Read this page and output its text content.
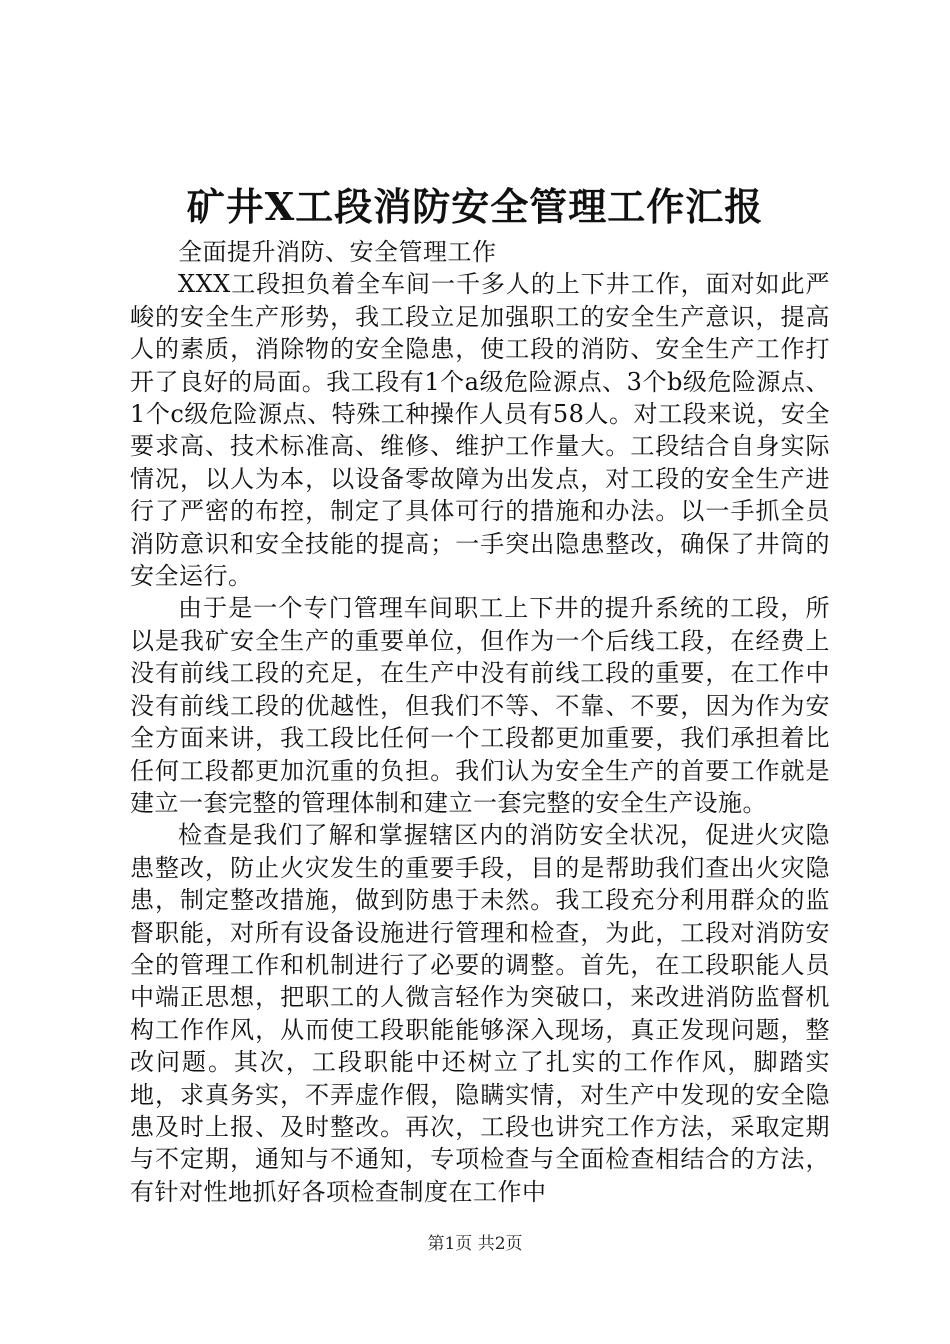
矿井X工段消防安全管理工作汇报

全面提升消防、安全管理工作

XXX工段担负着全车间一千多人的上下井工作，面对如此严峻的安全生产形势，我工段立足加强职工的安全生产意识，提高人的素质，消除物的安全隐患，使工段的消防、安全生产工作打开了良好的局面。我工段有1个a级危险源点、3个b级危险源点、1个c级危险源点、特殊工种操作人员有58人。对工段来说，安全要求高、技术标准高、维修、维护工作量大。工段结合自身实际情况，以人为本，以设备零故障为出发点，对工段的安全生产进行了严密的布控，制定了具体可行的措施和办法。以一手抓全员消防意识和安全技能的提高；一手突出隐患整改，确保了井筒的安全运行。

由于是一个专门管理车间职工上下井的提升系统的工段，所以是我矿安全生产的重要单位，但作为一个后线工段，在经费上没有前线工段的充足，在生产中没有前线工段的重要，在工作中没有前线工段的优越性，但我们不等、不靠、不要，因为作为安全方面来讲，我工段比任何一个工段都更加重要，我们承担着比任何工段都更加沉重的负担。我们认为安全生产的首要工作就是建立一套完整的管理体制和建立一套完整的安全生产设施。

检查是我们了解和掌握辖区内的消防安全状况，促进火灾隐患整改，防止火灾发生的重要手段，目的是帮助我们查出火灾隐患，制定整改措施，做到防患于未然。我工段充分利用群众的监督职能，对所有设备设施进行管理和检查，为此，工段对消防安全的管理工作和机制进行了必要的调整。首先，在工段职能人员中端正思想，把职工的人微言轻作为突破口，来改进消防监督机构工作作风，从而使工段职能能够深入现场，真正发现问题，整改问题。其次，工段职能中还树立了扎实的工作作风，脚踏实地，求真务实，不弄虚作假，隐瞒实情，对生产中发现的安全隐患及时上报、及时整改。再次，工段也讲究工作方法，采取定期与不定期，通知与不通知，专项检查与全面检查相结合的方法，有针对性地抓好各项检查制度在工作中

第1页 共2页
